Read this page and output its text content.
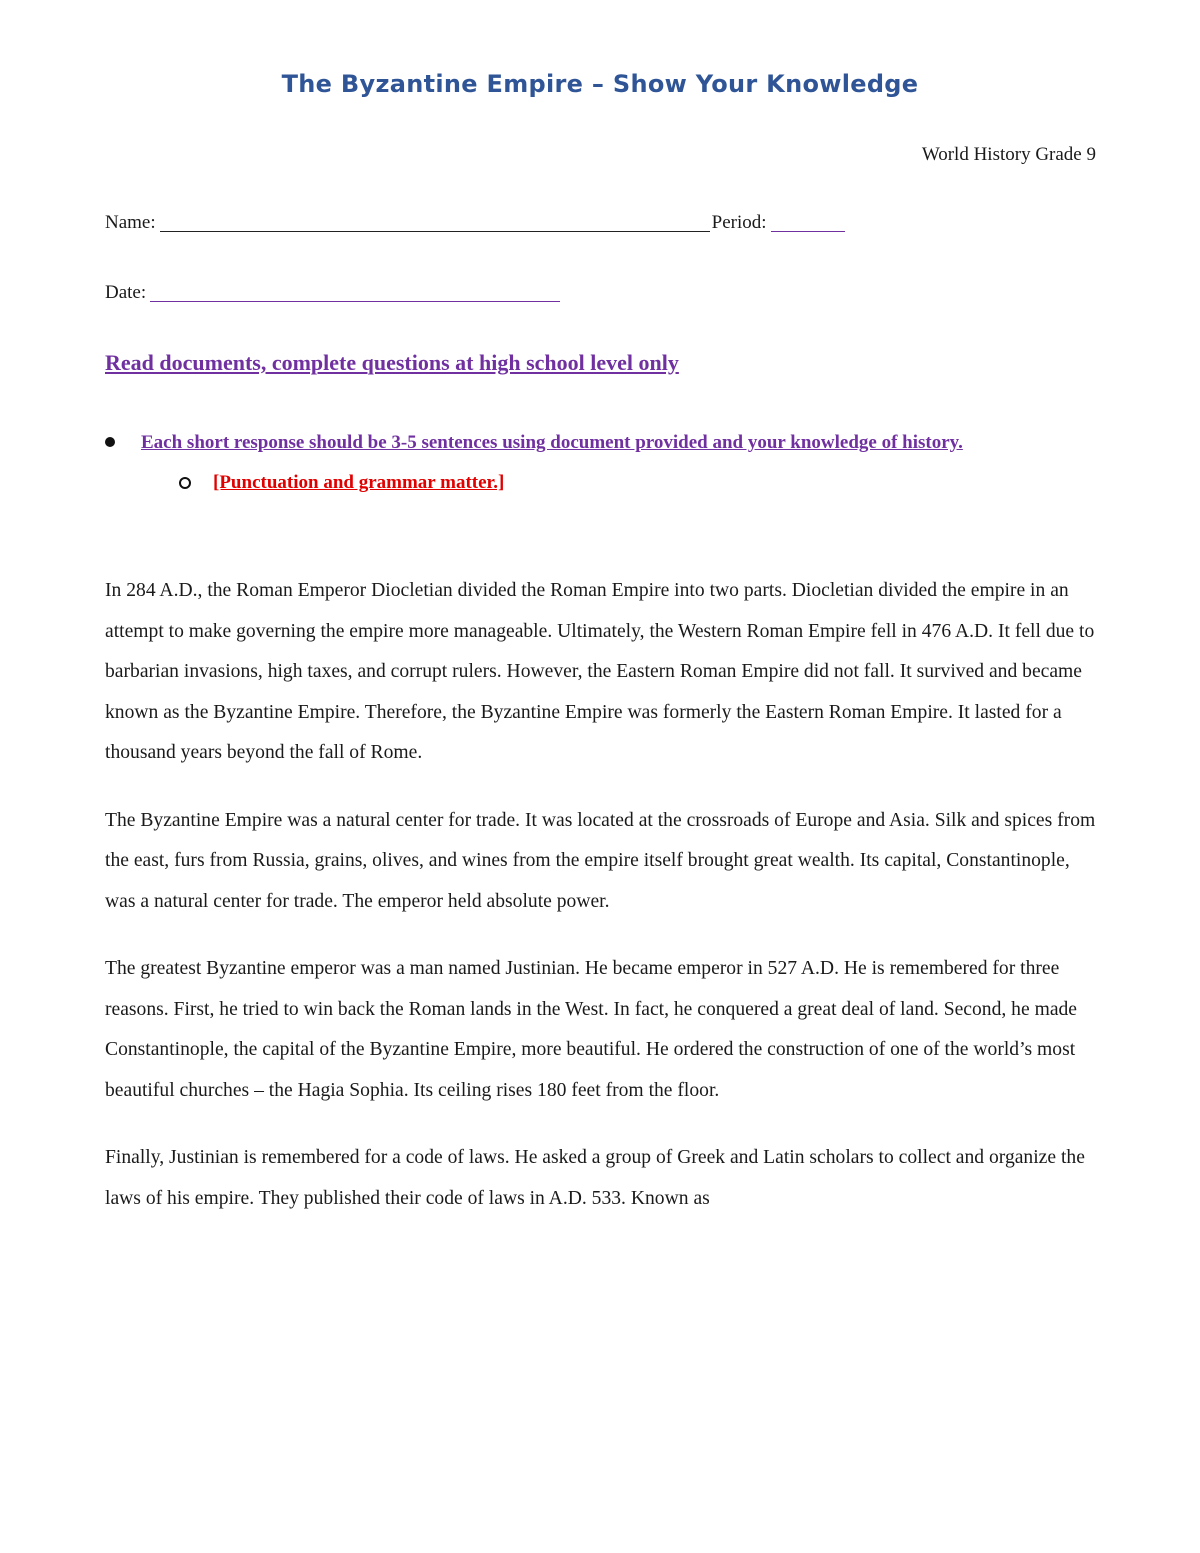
The Byzantine Empire – Show Your Knowledge
World History Grade 9
Name:	Period:
Date:
Read documents, complete questions at high school level only
Each short response should be 3-5 sentences using document provided and your knowledge of history.
[Punctuation and grammar matter.]

In 284 A.D., the Roman Emperor Diocletian divided the Roman Empire into two parts. Diocletian divided the empire in an attempt to make governing the empire more manageable. Ultimately, the Western Roman Empire fell in 476 A.D. It fell due to barbarian invasions, high taxes, and corrupt rulers. However, the Eastern Roman Empire did not fall. It survived and became known as the Byzantine Empire. Therefore, the Byzantine Empire was formerly the Eastern Roman Empire. It lasted for a thousand years beyond the fall of Rome.

The Byzantine Empire was a natural center for trade. It was located at the crossroads of Europe and Asia. Silk and spices from the east, furs from Russia, grains, olives, and wines from the empire itself brought great wealth. Its capital, Constantinople, was a natural center for trade. The emperor held absolute power.

The greatest Byzantine emperor was a man named Justinian. He became emperor in 527 A.D. He is remembered for three reasons. First, he tried to win back the Roman lands in the West. In fact, he conquered a great deal of land. Second, he made Constantinople, the capital of the Byzantine Empire, more beautiful. He ordered the construction of one of the world’s most beautiful churches – the Hagia Sophia. Its ceiling rises 180 feet from the floor.

Finally, Justinian is remembered for a code of laws. He asked a group of Greek and Latin scholars to collect and organize the laws of his empire. They published their code of laws in A.D. 533. Known as
